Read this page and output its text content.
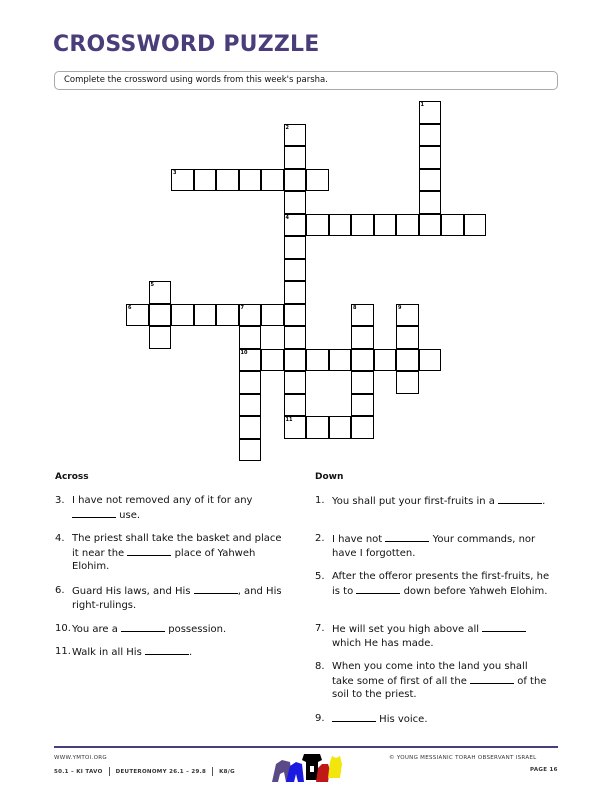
CROSSWORD PUZZLE
Complete the crossword using words from this week's parsha.
1
2
4
3
5
6	7
10
8	9
11
Across
3. I have not removed any of it for any  use.
4. The priest shall take the basket and place it near the	place of Yahweh Elohim.
6. Guard His laws, and His	, and His right-rulings.
10. You are a	possession.
11. Walk in all His	.
Down
1. You shall put your first-fruits in a	.
2. I have not	Your commands, nor have I forgotten.
5. After the offeror presents the first-fruits, he is to	down before Yahweh Elohim.
7. He will set you high above all  which He has made.
8. When you come into the land you shall take some of first of all the	of the soil to the priest.
9.	His voice.
WWW.YMTOI.ORG
50.1 – KI TAVO DEUTERONOMY 26.1 – 29.8 K8/G
© YOUNG MESSIANIC TORAH OBSERVANT ISRAEL
PAGE 16
